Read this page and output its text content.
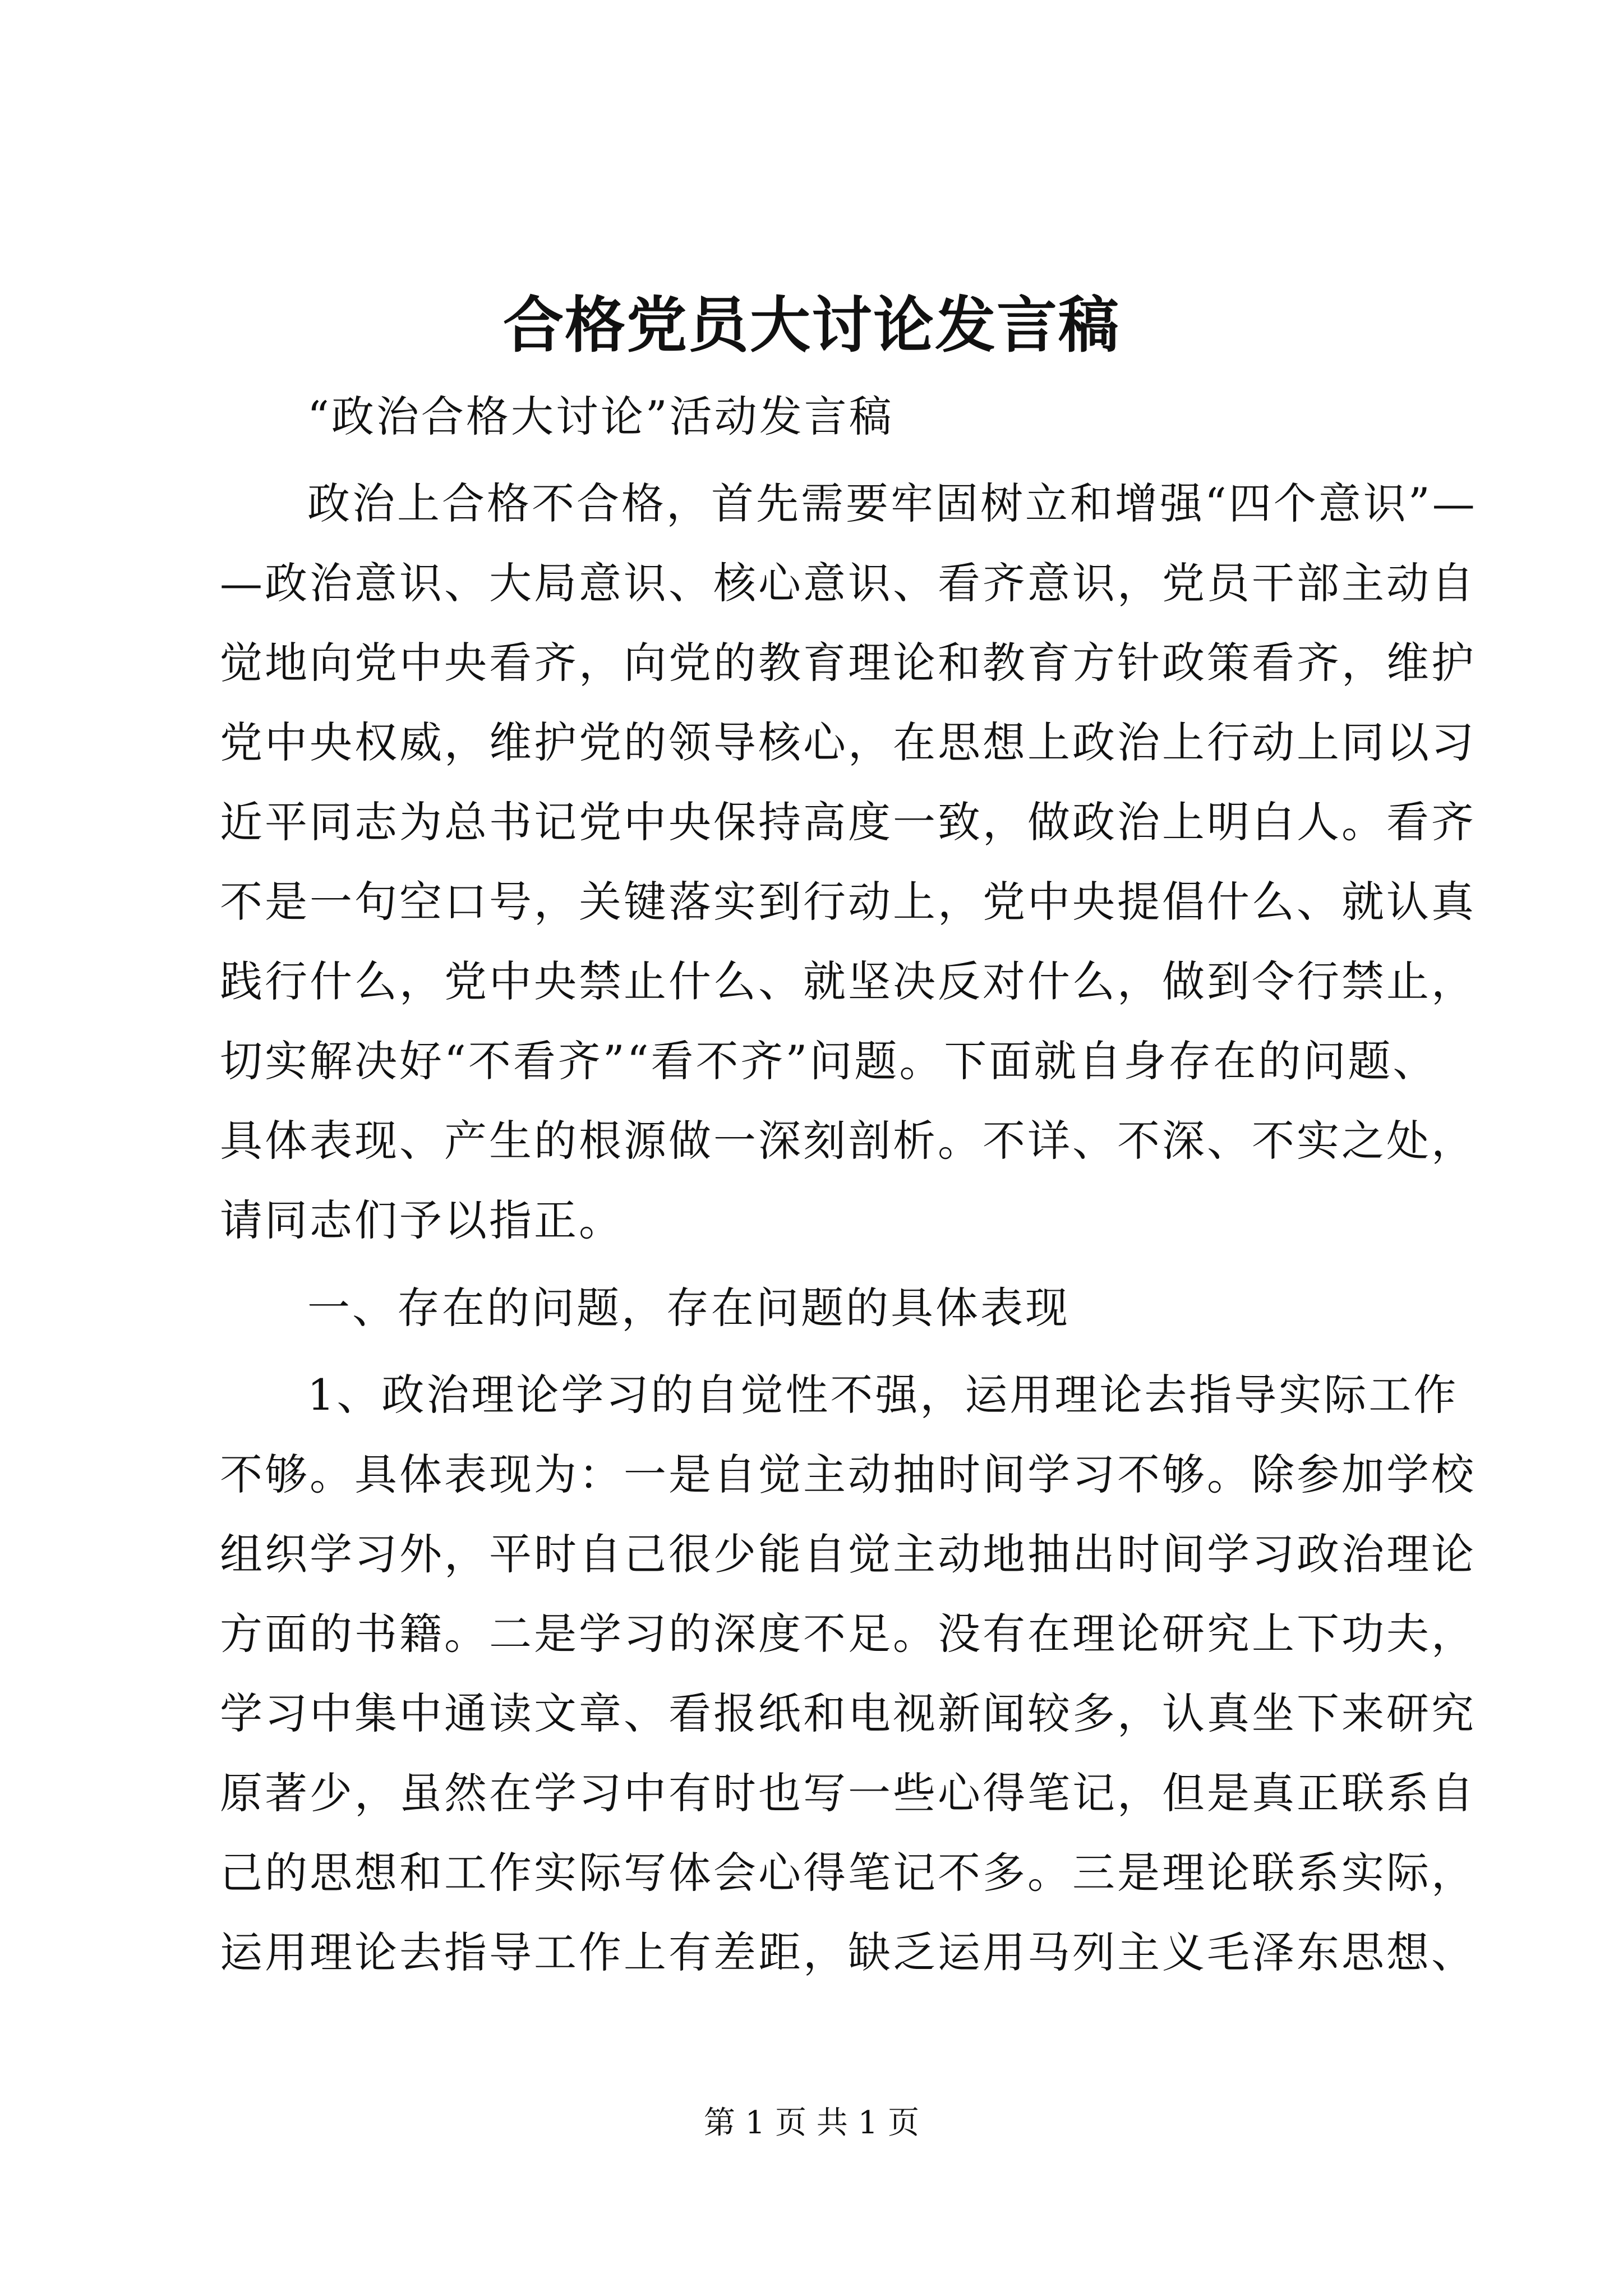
合格党员大讨论发言稿
“政治合格大讨论”活动发言稿
政治上合格不合格，首先需要牢固树立和增强“四个意识”—
—政治意识、大局意识、核心意识、看齐意识，党员干部主动自
觉地向党中央看齐，向党的教育理论和教育方针政策看齐，维护
党中央权威，维护党的领导核心，在思想上政治上行动上同以习
近平同志为总书记党中央保持高度一致，做政治上明白人。看齐
不是一句空口号，关键落实到行动上，党中央提倡什么、就认真
践行什么，党中央禁止什么、就坚决反对什么，做到令行禁止，
切实解决好“不看齐”“看不齐”问题。下面就自身存在的问题、
具体表现、产生的根源做一深刻剖析。不详、不深、不实之处，
请同志们予以指正。
一、存在的问题，存在问题的具体表现
1、政治理论学习的自觉性不强，运用理论去指导实际工作
不够。具体表现为：一是自觉主动抽时间学习不够。除参加学校
组织学习外，平时自己很少能自觉主动地抽出时间学习政治理论
方面的书籍。二是学习的深度不足。没有在理论研究上下功夫，
学习中集中通读文章、看报纸和电视新闻较多，认真坐下来研究
原著少，虽然在学习中有时也写一些心得笔记，但是真正联系自
己的思想和工作实际写体会心得笔记不多。三是理论联系实际，
运用理论去指导工作上有差距，缺乏运用马列主义毛泽东思想、
第 1 页 共 1 页
